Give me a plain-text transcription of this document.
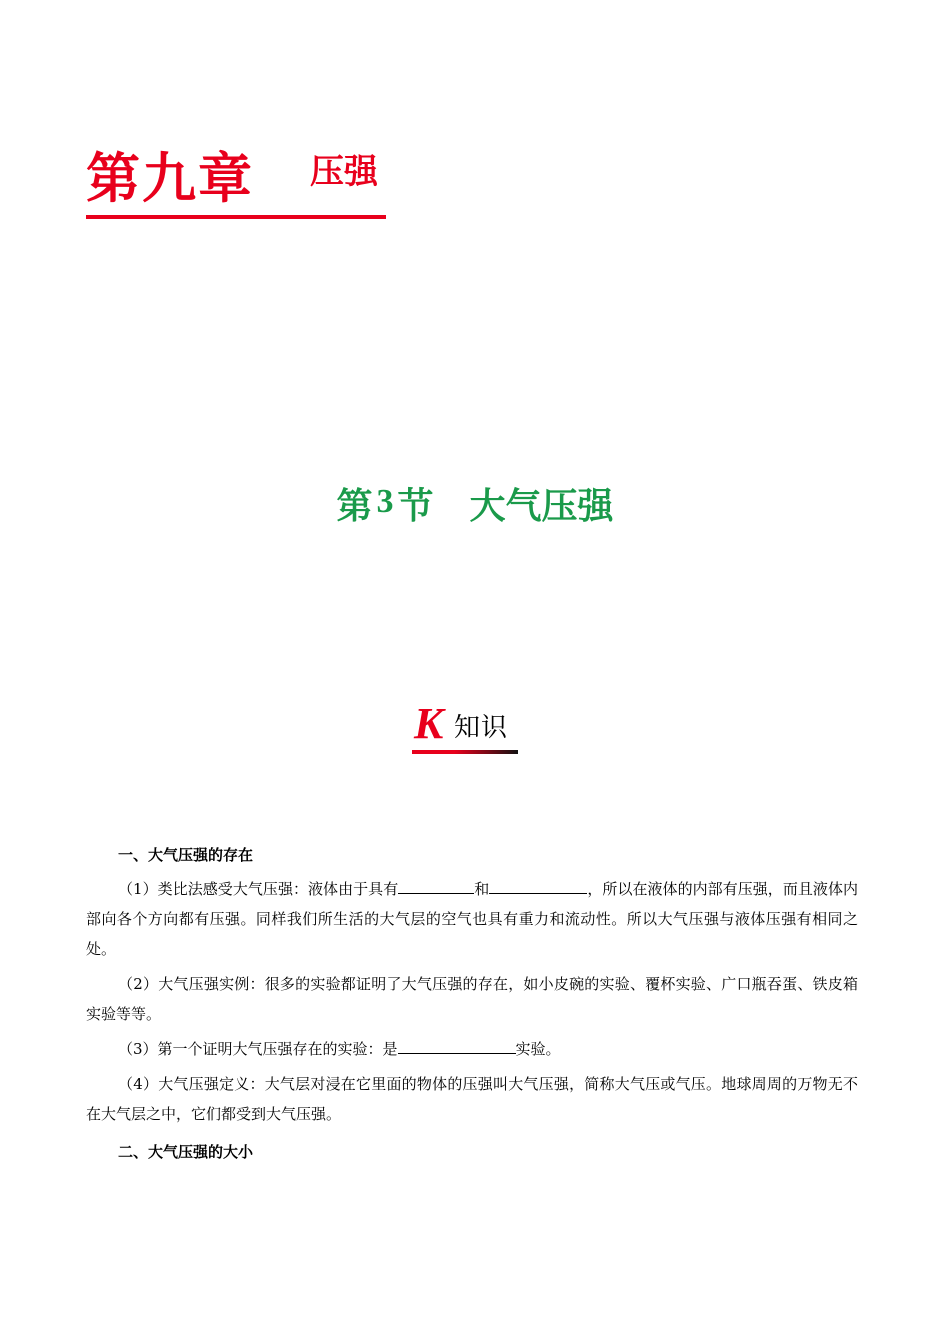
第九章 压强
第 3 节 大气压强
K 知识
一、大气压强的存在

（1）类比法感受大气压强：液体由于具有	和	，所以在液体的内部有压强，而且液体内部向各个方向都有压强。同样我们所生活的大气层的空气也具有重力和流动性。所以大气压强与液体压强有相同之处。

（2）大气压强实例：很多的实验都证明了大气压强的存在，如小皮碗的实验、覆杯实验、广口瓶吞蛋、铁皮箱实验等等。

（3）第一个证明大气压强存在的实验：是	实验。

（4）大气压强定义：大气层对浸在它里面的物体的压强叫大气压强，简称大气压或气压。地球周周的万物无不在大气层之中，它们都受到大气压强。

二、大气压强的大小
